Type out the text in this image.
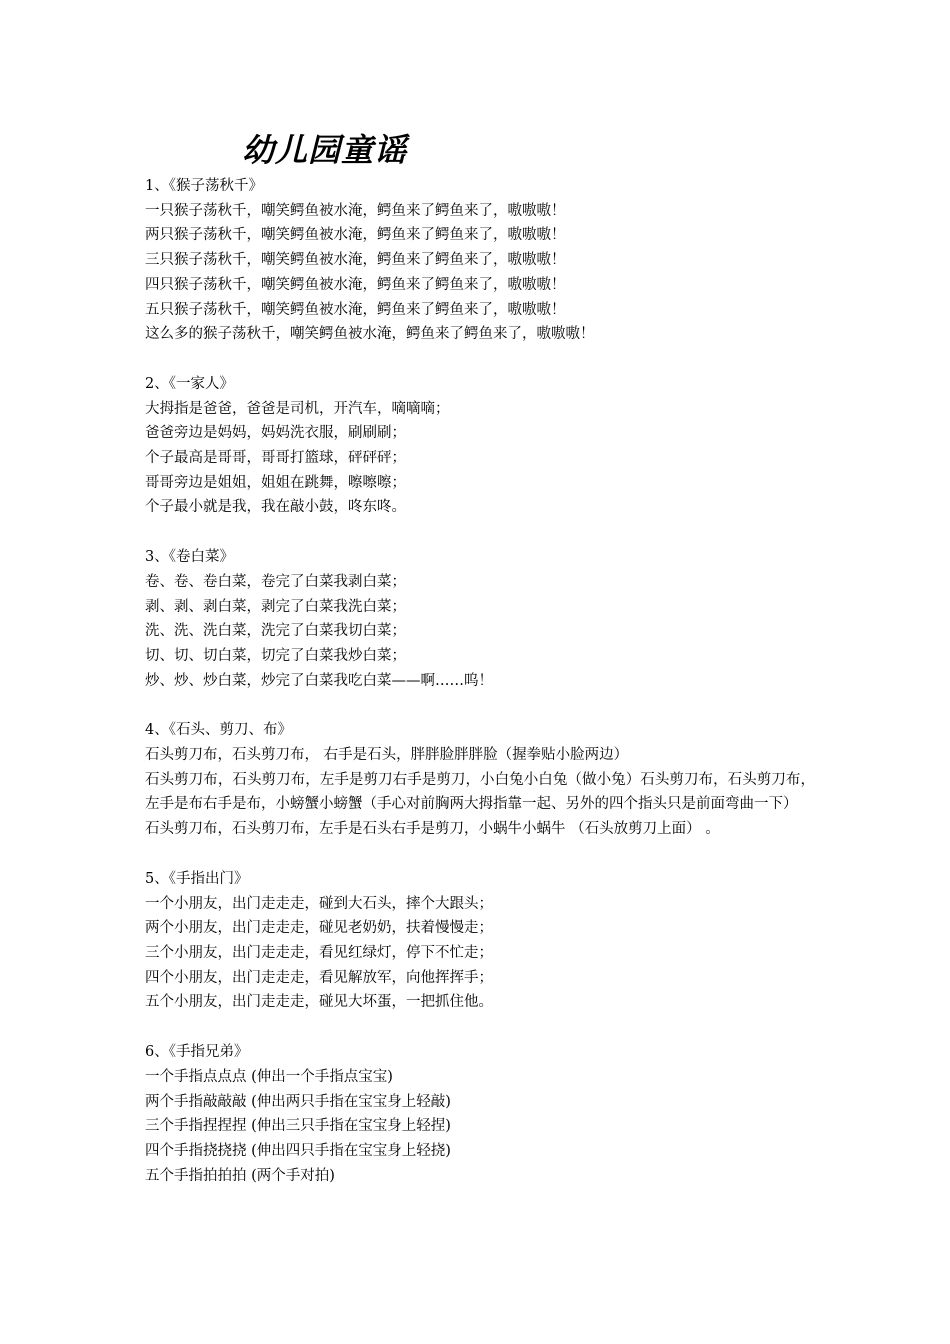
幼儿园童谣
1、《猴子荡秋千》
一只猴子荡秋千，嘲笑鳄鱼被水淹，鳄鱼来了鳄鱼来了，嗷嗷嗷！
两只猴子荡秋千，嘲笑鳄鱼被水淹，鳄鱼来了鳄鱼来了，嗷嗷嗷！
三只猴子荡秋千，嘲笑鳄鱼被水淹，鳄鱼来了鳄鱼来了，嗷嗷嗷！
四只猴子荡秋千，嘲笑鳄鱼被水淹，鳄鱼来了鳄鱼来了，嗷嗷嗷！
五只猴子荡秋千，嘲笑鳄鱼被水淹，鳄鱼来了鳄鱼来了，嗷嗷嗷！
这么多的猴子荡秋千，嘲笑鳄鱼被水淹，鳄鱼来了鳄鱼来了，嗷嗷嗷！
2、《一家人》
大拇指是爸爸，爸爸是司机，开汽车，嘀嘀嘀；
爸爸旁边是妈妈，妈妈洗衣服，刷刷刷；
个子最高是哥哥，哥哥打篮球，砰砰砰；
哥哥旁边是姐姐，姐姐在跳舞，嚓嚓嚓；
个子最小就是我，我在敲小鼓，咚东咚。
3、《卷白菜》
卷、卷、卷白菜，卷完了白菜我剥白菜；
剥、剥、剥白菜，剥完了白菜我洗白菜；
洗、洗、洗白菜，洗完了白菜我切白菜；
切、切、切白菜，切完了白菜我炒白菜；
炒、炒、炒白菜，炒完了白菜我吃白菜——啊……呜！
4、《石头、剪刀、布》
石头剪刀布，石头剪刀布， 右手是石头，胖胖脸胖胖脸（握拳贴小脸两边）
石头剪刀布，石头剪刀布，左手是剪刀右手是剪刀，小白兔小白兔（做小兔）石头剪刀布，石头剪刀布，左手是布右手是布，小螃蟹小螃蟹（手心对前胸两大拇指靠一起、另外的四个指头只是前面弯曲一下）
石头剪刀布，石头剪刀布，左手是石头右手是剪刀，小蜗牛小蜗牛 （石头放剪刀上面） 。
5、《手指出门》
一个小朋友，出门走走走，碰到大石头，摔个大跟头；
两个小朋友，出门走走走，碰见老奶奶，扶着慢慢走；
三个小朋友，出门走走走，看见红绿灯，停下不忙走；
四个小朋友，出门走走走，看见解放军，向他挥挥手；
五个小朋友，出门走走走，碰见大坏蛋，一把抓住他。
6、《手指兄弟》
一个手指点点点 (伸出一个手指点宝宝)
两个手指敲敲敲 (伸出两只手指在宝宝身上轻敲)
三个手指捏捏捏 (伸出三只手指在宝宝身上轻捏)
四个手指挠挠挠 (伸出四只手指在宝宝身上轻挠)
五个手指拍拍拍 (两个手对拍)
